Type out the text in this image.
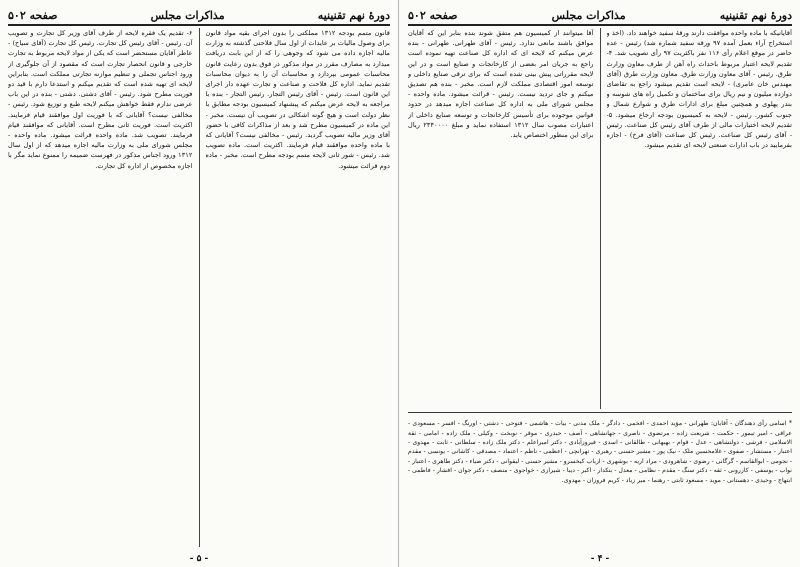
دورۀ نهم تقنینیه
مذاکرات مجلس
صفحه ۵۰۲

قانون متمم بودجه ۱۳۱۲ مملکتی را بدون اجرای بقیه مواد قانون برای وصول مالیات بر عایدات از اول سال فلاحتی گذشته به وزارت مالیه اجازه داده می شود که وجوهی را که از این بابت دریافت میدارد به مصارف مقرر در مواد مذکور در فوق بدون رعایت قانون محاسبات عمومی بپردازد و محاسبات آن را به دیوان محاسبات تقدیم نماید. اداره کل فلاحت و صناعت و تجارت عهده دار اجرای این قانون است. رئیس - آقای رئیس التجار. رئیس التجار - بنده با مراجعه به لایحه عرض میکنم که پیشنهاد کمیسیون بودجه مطابق با نظر دولت است و هیچ گونه اشکالی در تصویب آن نیست. مخبر - این ماده در کمیسیون مطرح شد و بعد از مذاکرات کافی با حضور آقای وزیر مالیه تصویب گردید. رئیس - مخالفی نیست؟ آقایانی که با ماده واحده موافقند قیام فرمایند. اکثریت است. ماده تصویب شد. رئیس - شور ثانی لایحه متمم بودجه مطرح است. مخبر - ماده دوم قرائت میشود.

۶- تقدیم یک فقره لایحه از طرف آقای وزیر کل تجارت و تصویب آن. رئیس - آقای رئیس کل تجارت. رئیس کل تجارت (آقای سیاح) - عاطر آقایان مستحضر است که یکی از مواد لایحه مربوط به تجارت خارجی و قانون انحصار تجارت است که مقصود از آن جلوگیری از ورود اجناس تجملی و تنظیم موازنه تجارتی مملکت است. بنابراین لایحه ای تهیه شده است که تقدیم میکنم و استدعا دارم با قید دو فوریت مطرح شود. رئیس - آقای دشتی. دشتی - بنده در این باب عرضی ندارم فقط خواهش میکنم لایحه طبع و توزیع شود. رئیس - مخالفی نیست؟ آقایانی که با فوریت اول موافقند قیام فرمایند. اکثریت است. فوریت ثانی مطرح است. آقایانی که موافقند قیام فرمایند. تصویب شد. ماده واحده قرائت میشود. ماده واحده - مجلس شورای ملی به وزارت مالیه اجازه میدهد که از اول سال ۱۳۱۲ ورود اجناس مذکور در فهرست ضمیمه را ممنوع نماید مگر با اجازه مخصوص از اداره کل تجارت.

- ۵ -
دورۀ نهم تقنینیه
مذاکرات مجلس
صفحه ۵۰۲

آقایانیکه با ماده واحده موافقت دارند ورقۀ سفید خواهند داد. (اخذ و استخراج آراء بعمل آمده ۹۷ ورقه سفید شماره شد) رئیس - عده حاضر در موقع اعلام رأی ۱۱۶ نفر باکثریت ۹۷ رأی تصویب شد. ۴- تقدیم لایحه اعتبار مربوط باحداث راه آهن از طرف معاون وزارت طرق. رئیس - آقای معاون وزارت طرق. معاون وزارت طرق (آقای مهندس خان عامری) - لایحه است تقدیم میشود راجع به تقاضای دوازده میلیون و نیم ریال برای ساختمان و تکمیل راه های شوسه و بندر پهلوی و همچنین مبلغ برای ادارات طرق و شوارع شمال و جنوب کشور. رئیس - لایحه به کمیسیون بودجه ارجاع میشود. ۵- تقدیم لایحه اختیارات مالی از طرف آقای رئیس کل صناعت. رئیس - آقای رئیس کل صناعت. رئیس کل صناعت (آقای فرخ) - اجازه بفرمایید در باب ادارات صنعتی لایحه ای تقدیم میشود.

آقا میتوانند از کمیسیون هم متفق شوند بنده بنابر این که آقایان موافق باشند مانعی ندارد. رئیس - آقای طهرانی. طهرانی - بنده عرض میکنم که لایحه ای که اداره کل صناعت تهیه نموده است راجع به جریان امر بعضی از کارخانجات و صنایع است و در این لایحه مقرراتی پیش بینی شده است که برای ترقی صنایع داخلی و توسعه امور اقتصادی مملکت لازم است. مخبر - بنده هم تصدیق میکنم و جای تردید نیست. رئیس - قرائت میشود. ماده واحده - مجلس شورای ملی به اداره کل صناعت اجازه میدهد در حدود قوانین موجوده برای تأسیس کارخانجات و توسعه صنایع داخلی از اعتبارات مصوب سال ۱۳۱۲ استفاده نماید و مبلغ ۲۳۴۰۰۰۰ ریال برای این منظور اختصاص یابد.

* اسامی رأی دهندگان - آقایان: طهرانی - مؤید احمدی - افخمی - دادگر - ملک مدنی - بیات - هاشمی - فتوحی - دشتی - اورنگ - افسر - مسعودی - عراقی - امیر تیمور - حکمت - شریعت زاده - مرتضوی - ناصری - جهانشاهی - آصف - حیدری - موقر - نوبخت - وکیلی - ملک زاده - امامی - ثقة الاسلامی - فرشی - دولتشاهی - عدل - قوام - بهبهانی - طالقانی - اسدی - فیروزآبادی - دکتر امیراعلم - دکتر ملک زاده - سلطانی - ثابت - مهدوی - اعتبار - مستشار - صفوی - غلامحسین ملک - نیک پور - مشیر حسنی - رهبری - تهرانچی - اعظمی - ناظم - اعتماد - مصدقی - کاشانی - یونسی - مقدم - نجومی - ابوالقاسم - گرگانی - رضوی - شاهرودی - مراد اریه - بوشهری - ارباب کیخسرو - مشیر حسنی - لیقوانی - دکتر ضیاء - دکتر طاهری - اعتبار - نواب - یوسفی - کازرونی - ثقه - دکتر سنگ - مقدم - نظامی - معدل - بنکدار - اکبر - دیبا - شیرازی - خواجوی - منصف - دکتر جوان - افشار - فاطمی - ابتهاج - وحیدی - دهستانی - موید - مسعود ثابتی - رهنما - میر زیاد - کریم فروزان - مهدوی.

- ۴ -
